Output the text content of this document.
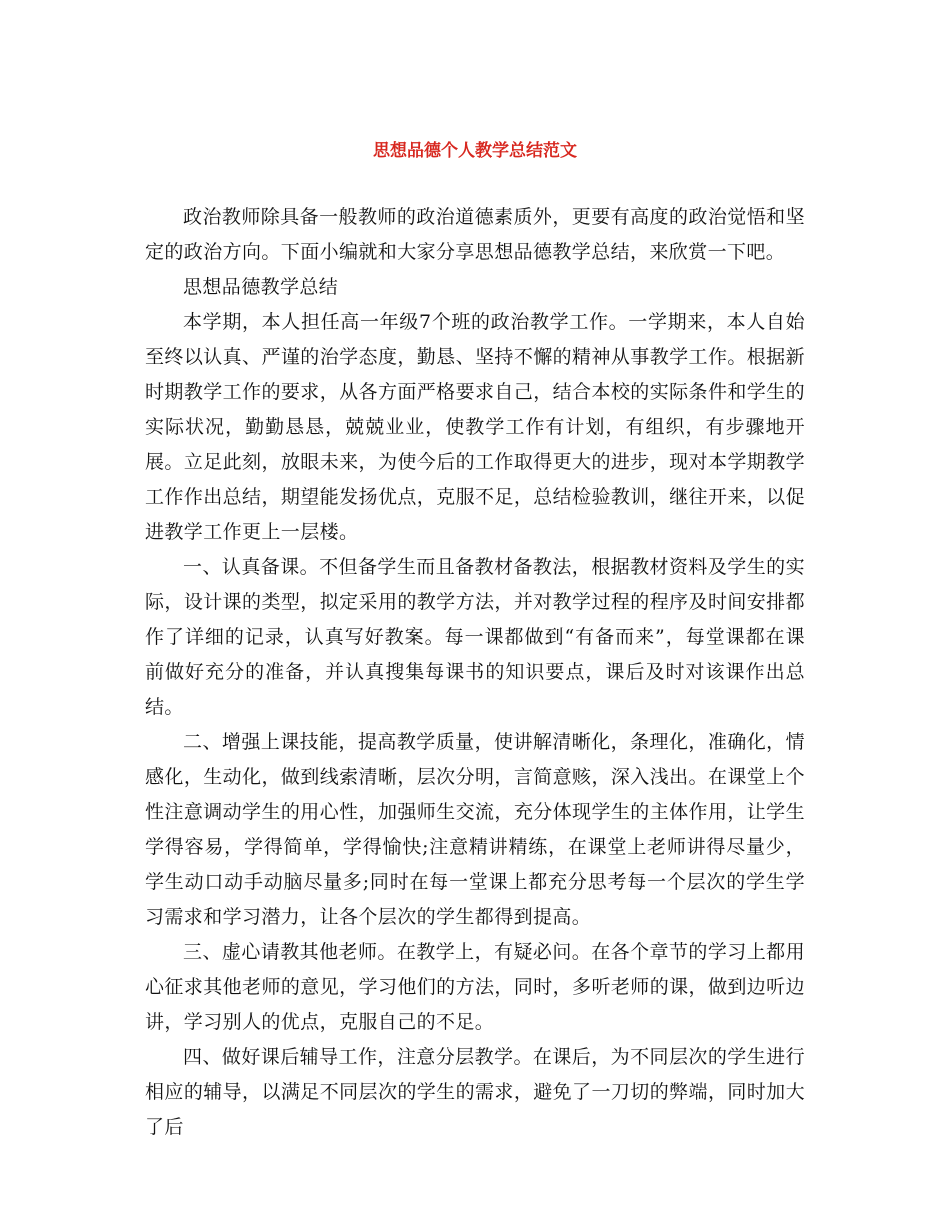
思想品德个人教学总结范文

政治教师除具备一般教师的政治道德素质外，更要有高度的政治觉悟和坚定的政治方向。下面小编就和大家分享思想品德教学总结，来欣赏一下吧。

思想品德教学总结

本学期，本人担任高一年级7个班的政治教学工作。一学期来，本人自始至终以认真、严谨的治学态度，勤恳、坚持不懈的精神从事教学工作。根据新时期教学工作的要求，从各方面严格要求自己，结合本校的实际条件和学生的实际状况，勤勤恳恳，兢兢业业，使教学工作有计划，有组织，有步骤地开展。立足此刻，放眼未来，为使今后的工作取得更大的进步，现对本学期教学工作作出总结，期望能发扬优点，克服不足，总结检验教训，继往开来，以促进教学工作更上一层楼。

一、认真备课。不但备学生而且备教材备教法，根据教材资料及学生的实际，设计课的类型，拟定采用的教学方法，并对教学过程的程序及时间安排都作了详细的记录，认真写好教案。每一课都做到“有备而来”，每堂课都在课前做好充分的准备，并认真搜集每课书的知识要点，课后及时对该课作出总结。

二、增强上课技能，提高教学质量，使讲解清晰化，条理化，准确化，情感化，生动化，做到线索清晰，层次分明，言简意赅，深入浅出。在课堂上个性注意调动学生的用心性，加强师生交流，充分体现学生的主体作用，让学生学得容易，学得简单，学得愉快;注意精讲精练，在课堂上老师讲得尽量少，学生动口动手动脑尽量多;同时在每一堂课上都充分思考每一个层次的学生学习需求和学习潜力，让各个层次的学生都得到提高。

三、虚心请教其他老师。在教学上，有疑必问。在各个章节的学习上都用心征求其他老师的意见，学习他们的方法，同时，多听老师的课，做到边听边讲，学习别人的优点，克服自己的不足。

四、做好课后辅导工作，注意分层教学。在课后，为不同层次的学生进行相应的辅导，以满足不同层次的学生的需求，避免了一刀切的弊端，同时加大了后
